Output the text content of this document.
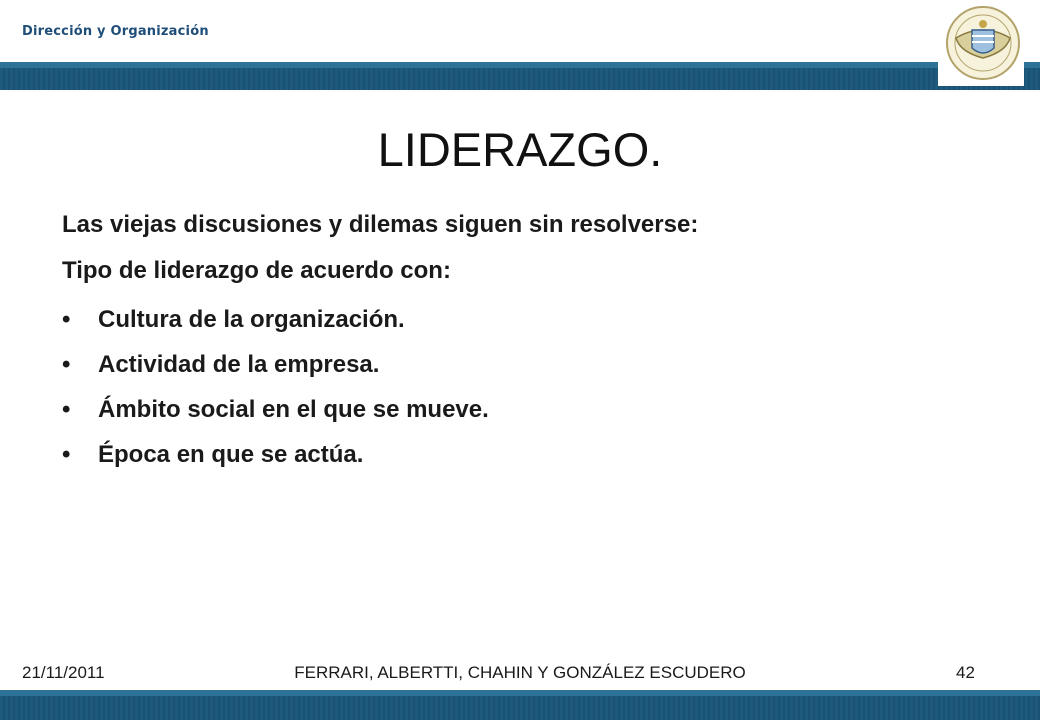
Dirección y Organización
LIDERAZGO.
Las viejas discusiones y dilemas siguen sin resolverse:
Tipo de liderazgo de acuerdo con:
• Cultura de la organización.
• Actividad de la empresa.
• Ámbito social en el que se mueve.
• Época en que se actúa.
21/11/2011	FERRARI, ALBERTTI, CHAHIN Y GONZÁLEZ ESCUDERO	42
